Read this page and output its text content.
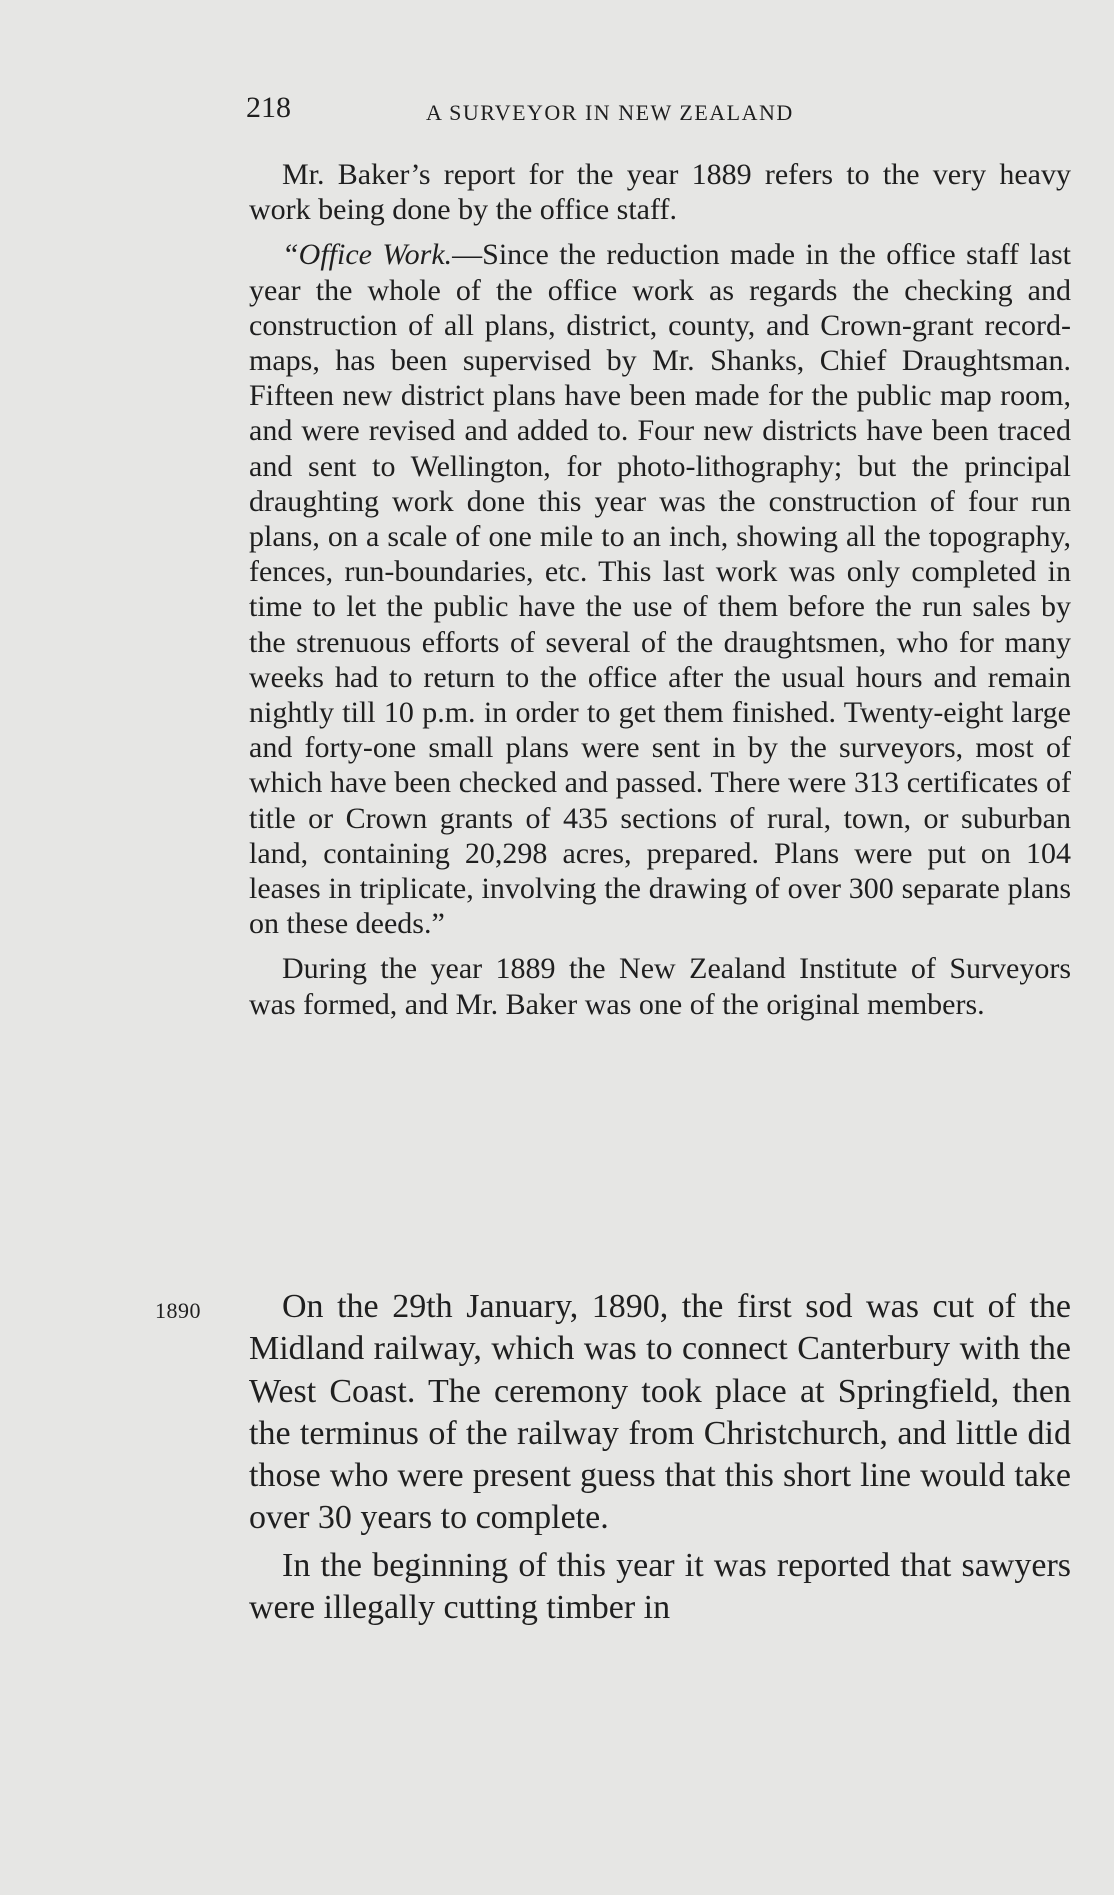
218	A SURVEYOR IN NEW ZEALAND

Mr. Baker’s report for the year 1889 refers to the very heavy work being done by the office staff.

“Office Work.—Since the reduction made in the office staff last year the whole of the office work as regards the checking and construction of all plans, district, county, and Crown-grant record-maps, has been supervised by Mr. Shanks, Chief Draughtsman. Fifteen new district plans have been made for the public map room, and were revised and added to. Four new districts have been traced and sent to Wellington, for photo-lithography; but the principal draughting work done this year was the construction of four run plans, on a scale of one mile to an inch, showing all the topography, fences, run-boundaries, etc. This last work was only completed in time to let the public have the use of them before the run sales by the strenuous efforts of several of the draughtsmen, who for many weeks had to return to the office after the usual hours and remain nightly till 10 p.m. in order to get them finished. Twenty-eight large and forty-one small plans were sent in by the surveyors, most of which have been checked and passed. There were 313 certificates of title or Crown grants of 435 sections of rural, town, or suburban land, containing 20,298 acres, prepared. Plans were put on 104 leases in triplicate, involving the drawing of over 300 separate plans on these deeds.”

During the year 1889 the New Zealand Institute of Surveyors was formed, and Mr. Baker was one of the original members.

1890	On the 29th January, 1890, the first sod was cut of the Midland railway, which was to connect Canterbury with the West Coast. The ceremony took place at Springfield, then the terminus of the railway from Christchurch, and little did those who were present guess that this short line would take over 30 years to complete.

In the beginning of this year it was reported that sawyers were illegally cutting timber in
